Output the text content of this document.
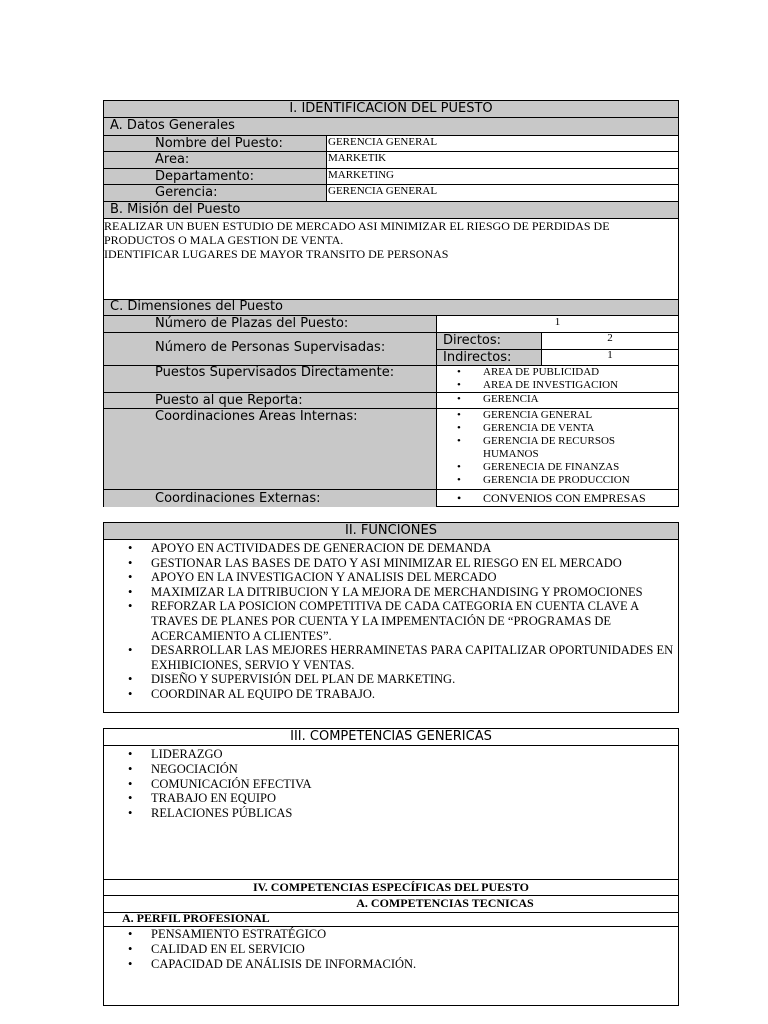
I. IDENTIFICACION DEL PUESTO
A. Datos Generales
Nombre del Puesto:	GERENCIA GENERAL
Area:	MARKETIK
Departamento:	MARKETING
Gerencia:	GERENCIA GENERAL
B. Misión del Puesto
REALIZAR UN BUEN ESTUDIO DE MERCADO ASI MINIMIZAR EL RIESGO DE PERDIDAS DE
PRODUCTOS O MALA GESTION DE VENTA.
IDENTIFICAR LUGARES DE MAYOR TRANSITO DE PERSONAS
C. Dimensiones del Puesto
Número de Plazas del Puesto:	1
Número de Personas Supervisadas:	Directos:	2
Indirectos:	1
Puestos Supervisados Directamente:	• AREA DE PUBLICIDAD
• AREA DE INVESTIGACION
Puesto al que Reporta:	• GERENCIA
Coordinaciones Areas Internas:	• GERENCIA GENERAL
• GERENCIA DE VENTA
• GERENCIA DE RECURSOS HUMANOS
• GERENECIA DE FINANZAS
• GERENCIA DE PRODUCCION
Coordinaciones Externas:	• CONVENIOS CON EMPRESAS
II. FUNCIONES
• APOYO EN ACTIVIDADES DE GENERACION DE DEMANDA
• GESTIONAR LAS BASES DE DATO Y ASI MINIMIZAR EL RIESGO EN EL MERCADO
• APOYO EN LA INVESTIGACION Y ANALISIS DEL MERCADO
• MAXIMIZAR LA DITRIBUCION Y LA MEJORA DE MERCHANDISING Y PROMOCIONES
• REFORZAR LA POSICION COMPETITIVA DE CADA CATEGORIA EN CUENTA CLAVE A TRAVES DE PLANES POR CUENTA Y LA IMPEMENTACIÓN DE “PROGRAMAS DE ACERCAMIENTO A CLIENTES”.
• DESARROLLAR LAS MEJORES HERRAMINETAS PARA CAPITALIZAR OPORTUNIDADES EN EXHIBICIONES, SERVIO Y VENTAS.
• DISEÑO Y SUPERVISIÓN DEL PLAN DE MARKETING.
• COORDINAR AL EQUIPO DE TRABAJO.
III. COMPETENCIAS GENERICAS
• LIDERAZGO
• NEGOCIACIÓN
• COMUNICACIÓN EFECTIVA
• TRABAJO EN EQUIPO
• RELACIONES PÚBLICAS
IV. COMPETENCIAS ESPECÍFICAS DEL PUESTO
A. COMPETENCIAS TECNICAS
A. PERFIL PROFESIONAL
• PENSAMIENTO ESTRATÉGICO
• CALIDAD EN EL SERVICIO
• CAPACIDAD DE ANÁLISIS DE INFORMACIÓN.
